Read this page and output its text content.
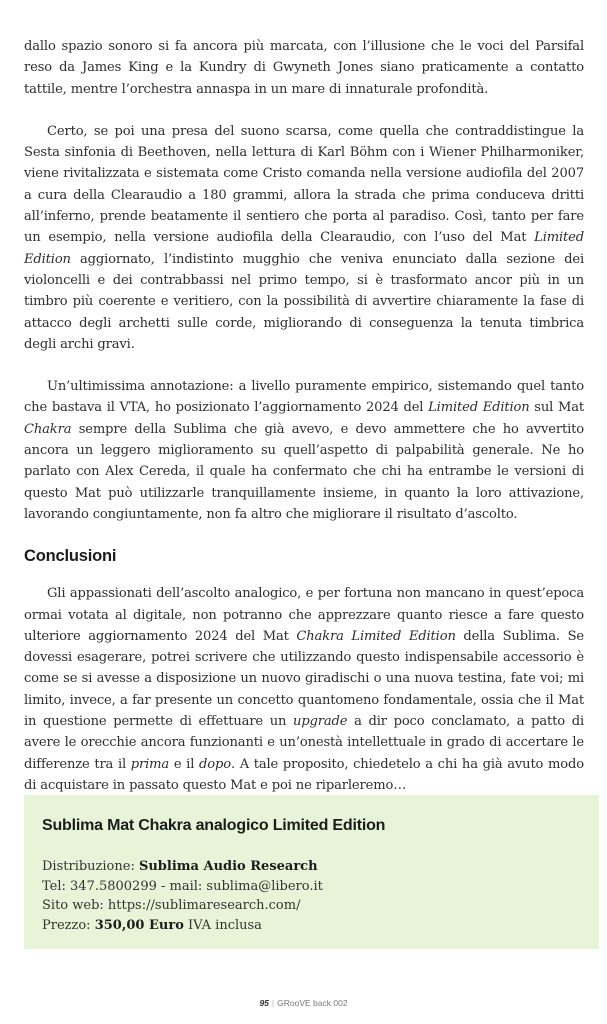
dallo spazio sonoro si fa ancora più marcata, con l’illusione che le voci del Parsifal reso da James King e la Kundry di Gwyneth Jones siano praticamente a contatto tattile, mentre l’orchestra annaspa in un mare di innaturale profondità.

Certo, se poi una presa del suono scarsa, come quella che contraddistingue la Sesta sinfonia di Beethoven, nella lettura di Karl Böhm con i Wiener Philharmoniker, viene rivitalizzata e sistemata come Cristo comanda nella versione audiofila del 2007 a cura della Clearaudio a 180 grammi, allora la strada che prima conduceva dritti all’inferno, prende beatamente il sentiero che porta al paradiso. Così, tanto per fare un esempio, nella versione audiofila della Clearaudio, con l’uso del Mat Limited Edition aggiornato, l’indistinto mugghio che veniva enunciato dalla sezione dei violoncelli e dei contrabbassi nel primo tempo, si è trasformato ancor più in un timbro più coerente e veritiero, con la possibilità di avvertire chiaramente la fase di attacco degli archetti sulle corde, migliorando di conseguenza la tenuta timbrica degli archi gravi.

Un’ultimissima annotazione: a livello puramente empirico, sistemando quel tanto che bastava il VTA, ho posizionato l’aggiornamento 2024 del Limited Edition sul Mat Chakra sempre della Sublima che già avevo, e devo ammettere che ho avvertito ancora un leggero miglioramento su quell’aspetto di palpabilità generale. Ne ho parlato con Alex Cereda, il quale ha confermato che chi ha entrambe le versioni di questo Mat può utilizzarle tranquillamente insieme, in quanto la loro attivazione, lavorando congiuntamente, non fa altro che migliorare il risultato d’ascolto.

Conclusioni

Gli appassionati dell’ascolto analogico, e per fortuna non mancano in quest’epoca ormai votata al digitale, non potranno che apprezzare quanto riesce a fare questo ulteriore aggiornamento 2024 del Mat Chakra Limited Edition della Sublima. Se dovessi esagerare, potrei scrivere che utilizzando questo indispensabile accessorio è come se si avesse a disposizione un nuovo giradischi o una nuova testina, fate voi; mi limito, invece, a far presente un concetto quantomeno fondamentale, ossia che il Mat in questione permette di effettuare un upgrade a dir poco conclamato, a patto di avere le orecchie ancora funzionanti e un’onestà intellettuale in grado di accertare le differenze tra il prima e il dopo. A tale proposito, chiedetelo a chi ha già avuto modo di acquistare in passato questo Mat e poi ne riparleremo…

Sublima Mat Chakra analogico Limited Edition
Distribuzione: Sublima Audio Research
Tel: 347.5800299 - mail: sublima@libero.it
Sito web: https://sublimaresearch.com/
Prezzo: 350,00 Euro IVA inclusa
95 | GRooVE back 002
